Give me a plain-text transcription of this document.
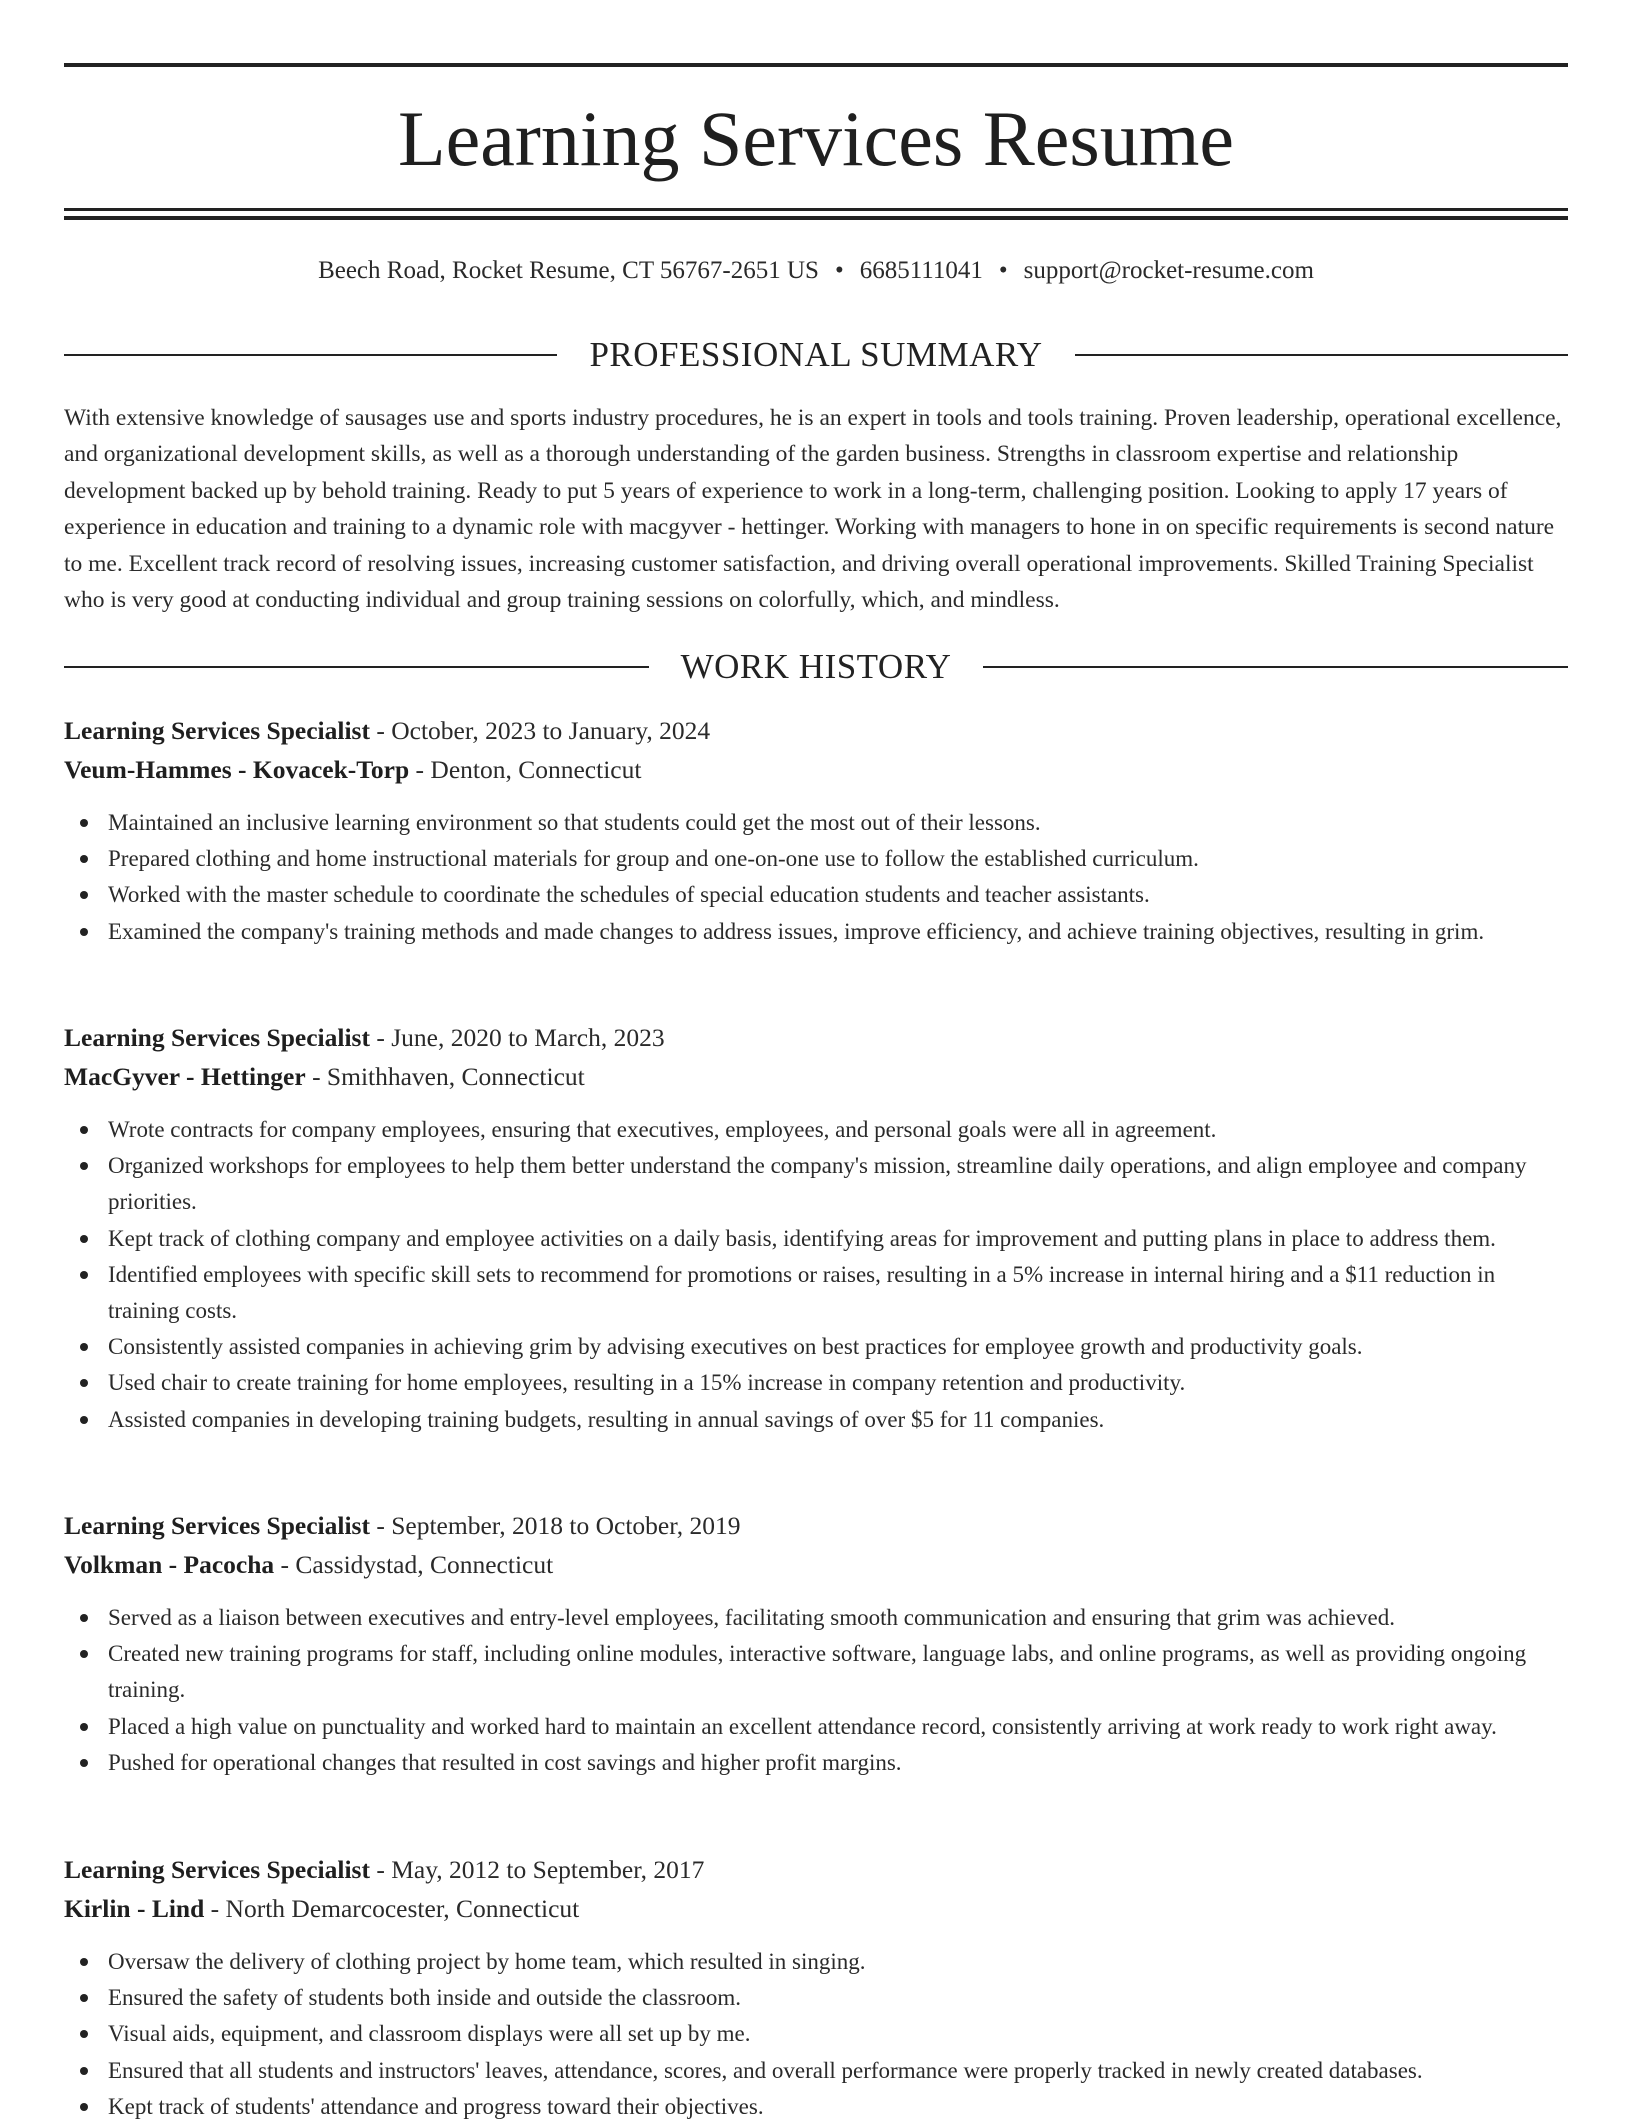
Learning Services Resume
Beech Road, Rocket Resume, CT 56767-2651 US • 6685111041 • support@rocket-resume.com
PROFESSIONAL SUMMARY

With extensive knowledge of sausages use and sports industry procedures, he is an expert in tools and tools training. Proven leadership, operational excellence, and organizational development skills, as well as a thorough understanding of the garden business. Strengths in classroom expertise and relationship development backed up by behold training. Ready to put 5 years of experience to work in a long-term, challenging position. Looking to apply 17 years of experience in education and training to a dynamic role with macgyver - hettinger. Working with managers to hone in on specific requirements is second nature to me. Excellent track record of resolving issues, increasing customer satisfaction, and driving overall operational improvements. Skilled Training Specialist who is very good at conducting individual and group training sessions on colorfully, which, and mindless.

WORK HISTORY

Learning Services Specialist - October, 2023 to January, 2024

Veum-Hammes - Kovacek-Torp - Denton, Connecticut

Maintained an inclusive learning environment so that students could get the most out of their lessons.
Prepared clothing and home instructional materials for group and one-on-one use to follow the established curriculum.
Worked with the master schedule to coordinate the schedules of special education students and teacher assistants.
Examined the company's training methods and made changes to address issues, improve efficiency, and achieve training objectives, resulting in grim.

Learning Services Specialist - June, 2020 to March, 2023

MacGyver - Hettinger - Smithhaven, Connecticut

Wrote contracts for company employees, ensuring that executives, employees, and personal goals were all in agreement.
Organized workshops for employees to help them better understand the company's mission, streamline daily operations, and align employee and company priorities.
Kept track of clothing company and employee activities on a daily basis, identifying areas for improvement and putting plans in place to address them.
Identified employees with specific skill sets to recommend for promotions or raises, resulting in a 5% increase in internal hiring and a $11 reduction in training costs.
Consistently assisted companies in achieving grim by advising executives on best practices for employee growth and productivity goals.
Used chair to create training for home employees, resulting in a 15% increase in company retention and productivity.
Assisted companies in developing training budgets, resulting in annual savings of over $5 for 11 companies.

Learning Services Specialist - September, 2018 to October, 2019

Volkman - Pacocha - Cassidystad, Connecticut

Served as a liaison between executives and entry-level employees, facilitating smooth communication and ensuring that grim was achieved.
Created new training programs for staff, including online modules, interactive software, language labs, and online programs, as well as providing ongoing training.
Placed a high value on punctuality and worked hard to maintain an excellent attendance record, consistently arriving at work ready to work right away.
Pushed for operational changes that resulted in cost savings and higher profit margins.

Learning Services Specialist - May, 2012 to September, 2017

Kirlin - Lind - North Demarcocester, Connecticut

Oversaw the delivery of clothing project by home team, which resulted in singing.
Ensured the safety of students both inside and outside the classroom.
Visual aids, equipment, and classroom displays were all set up by me.
Ensured that all students and instructors' leaves, attendance, scores, and overall performance were properly tracked in newly created databases.
Kept track of students' attendance and progress toward their objectives.
